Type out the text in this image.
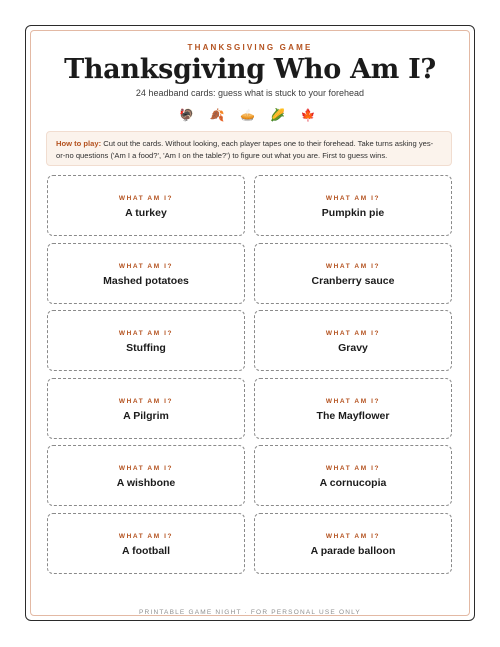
THANKSGIVING GAME
Thanksgiving Who Am I?
24 headband cards: guess what is stuck to your forehead
🦃 🍂 🥧 🌽 🍁
How to play: Cut out the cards. Without looking, each player tapes one to their forehead. Take turns asking yes-or-no questions ('Am I a food?', 'Am I on the table?') to figure out what you are. First to guess wins.
WHAT AM I?
A turkey
WHAT AM I?
Pumpkin pie
WHAT AM I?
Mashed potatoes
WHAT AM I?
Cranberry sauce
WHAT AM I?
Stuffing
WHAT AM I?
Gravy
WHAT AM I?
A Pilgrim
WHAT AM I?
The Mayflower
WHAT AM I?
A wishbone
WHAT AM I?
A cornucopia
WHAT AM I?
A football
WHAT AM I?
A parade balloon
PRINTABLE GAME NIGHT · FOR PERSONAL USE ONLY
